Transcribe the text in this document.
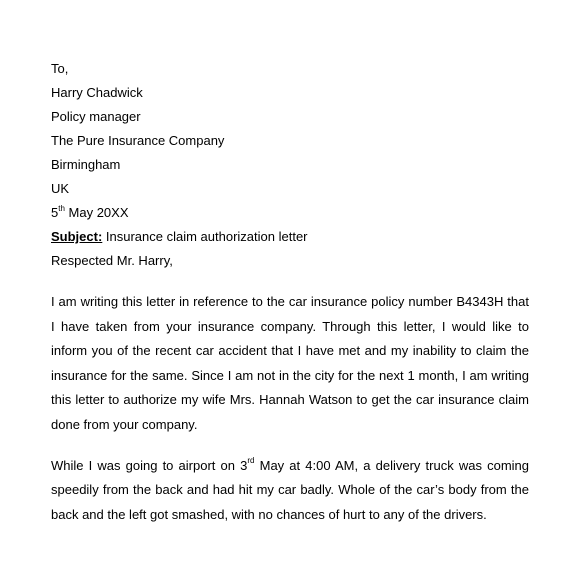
To,
Harry Chadwick
Policy manager
The Pure Insurance Company
Birmingham
UK
5th May 20XX
Subject: Insurance claim authorization letter
Respected Mr. Harry,

I am writing this letter in reference to the car insurance policy number B4343H that I have taken from your insurance company. Through this letter, I would like to inform you of the recent car accident that I have met and my inability to claim the insurance for the same. Since I am not in the city for the next 1 month, I am writing this letter to authorize my wife Mrs. Hannah Watson to get the car insurance claim done from your company.

While I was going to airport on 3rd May at 4:00 AM, a delivery truck was coming speedily from the back and had hit my car badly. Whole of the car’s body from the back and the left got smashed, with no chances of hurt to any of the drivers.
